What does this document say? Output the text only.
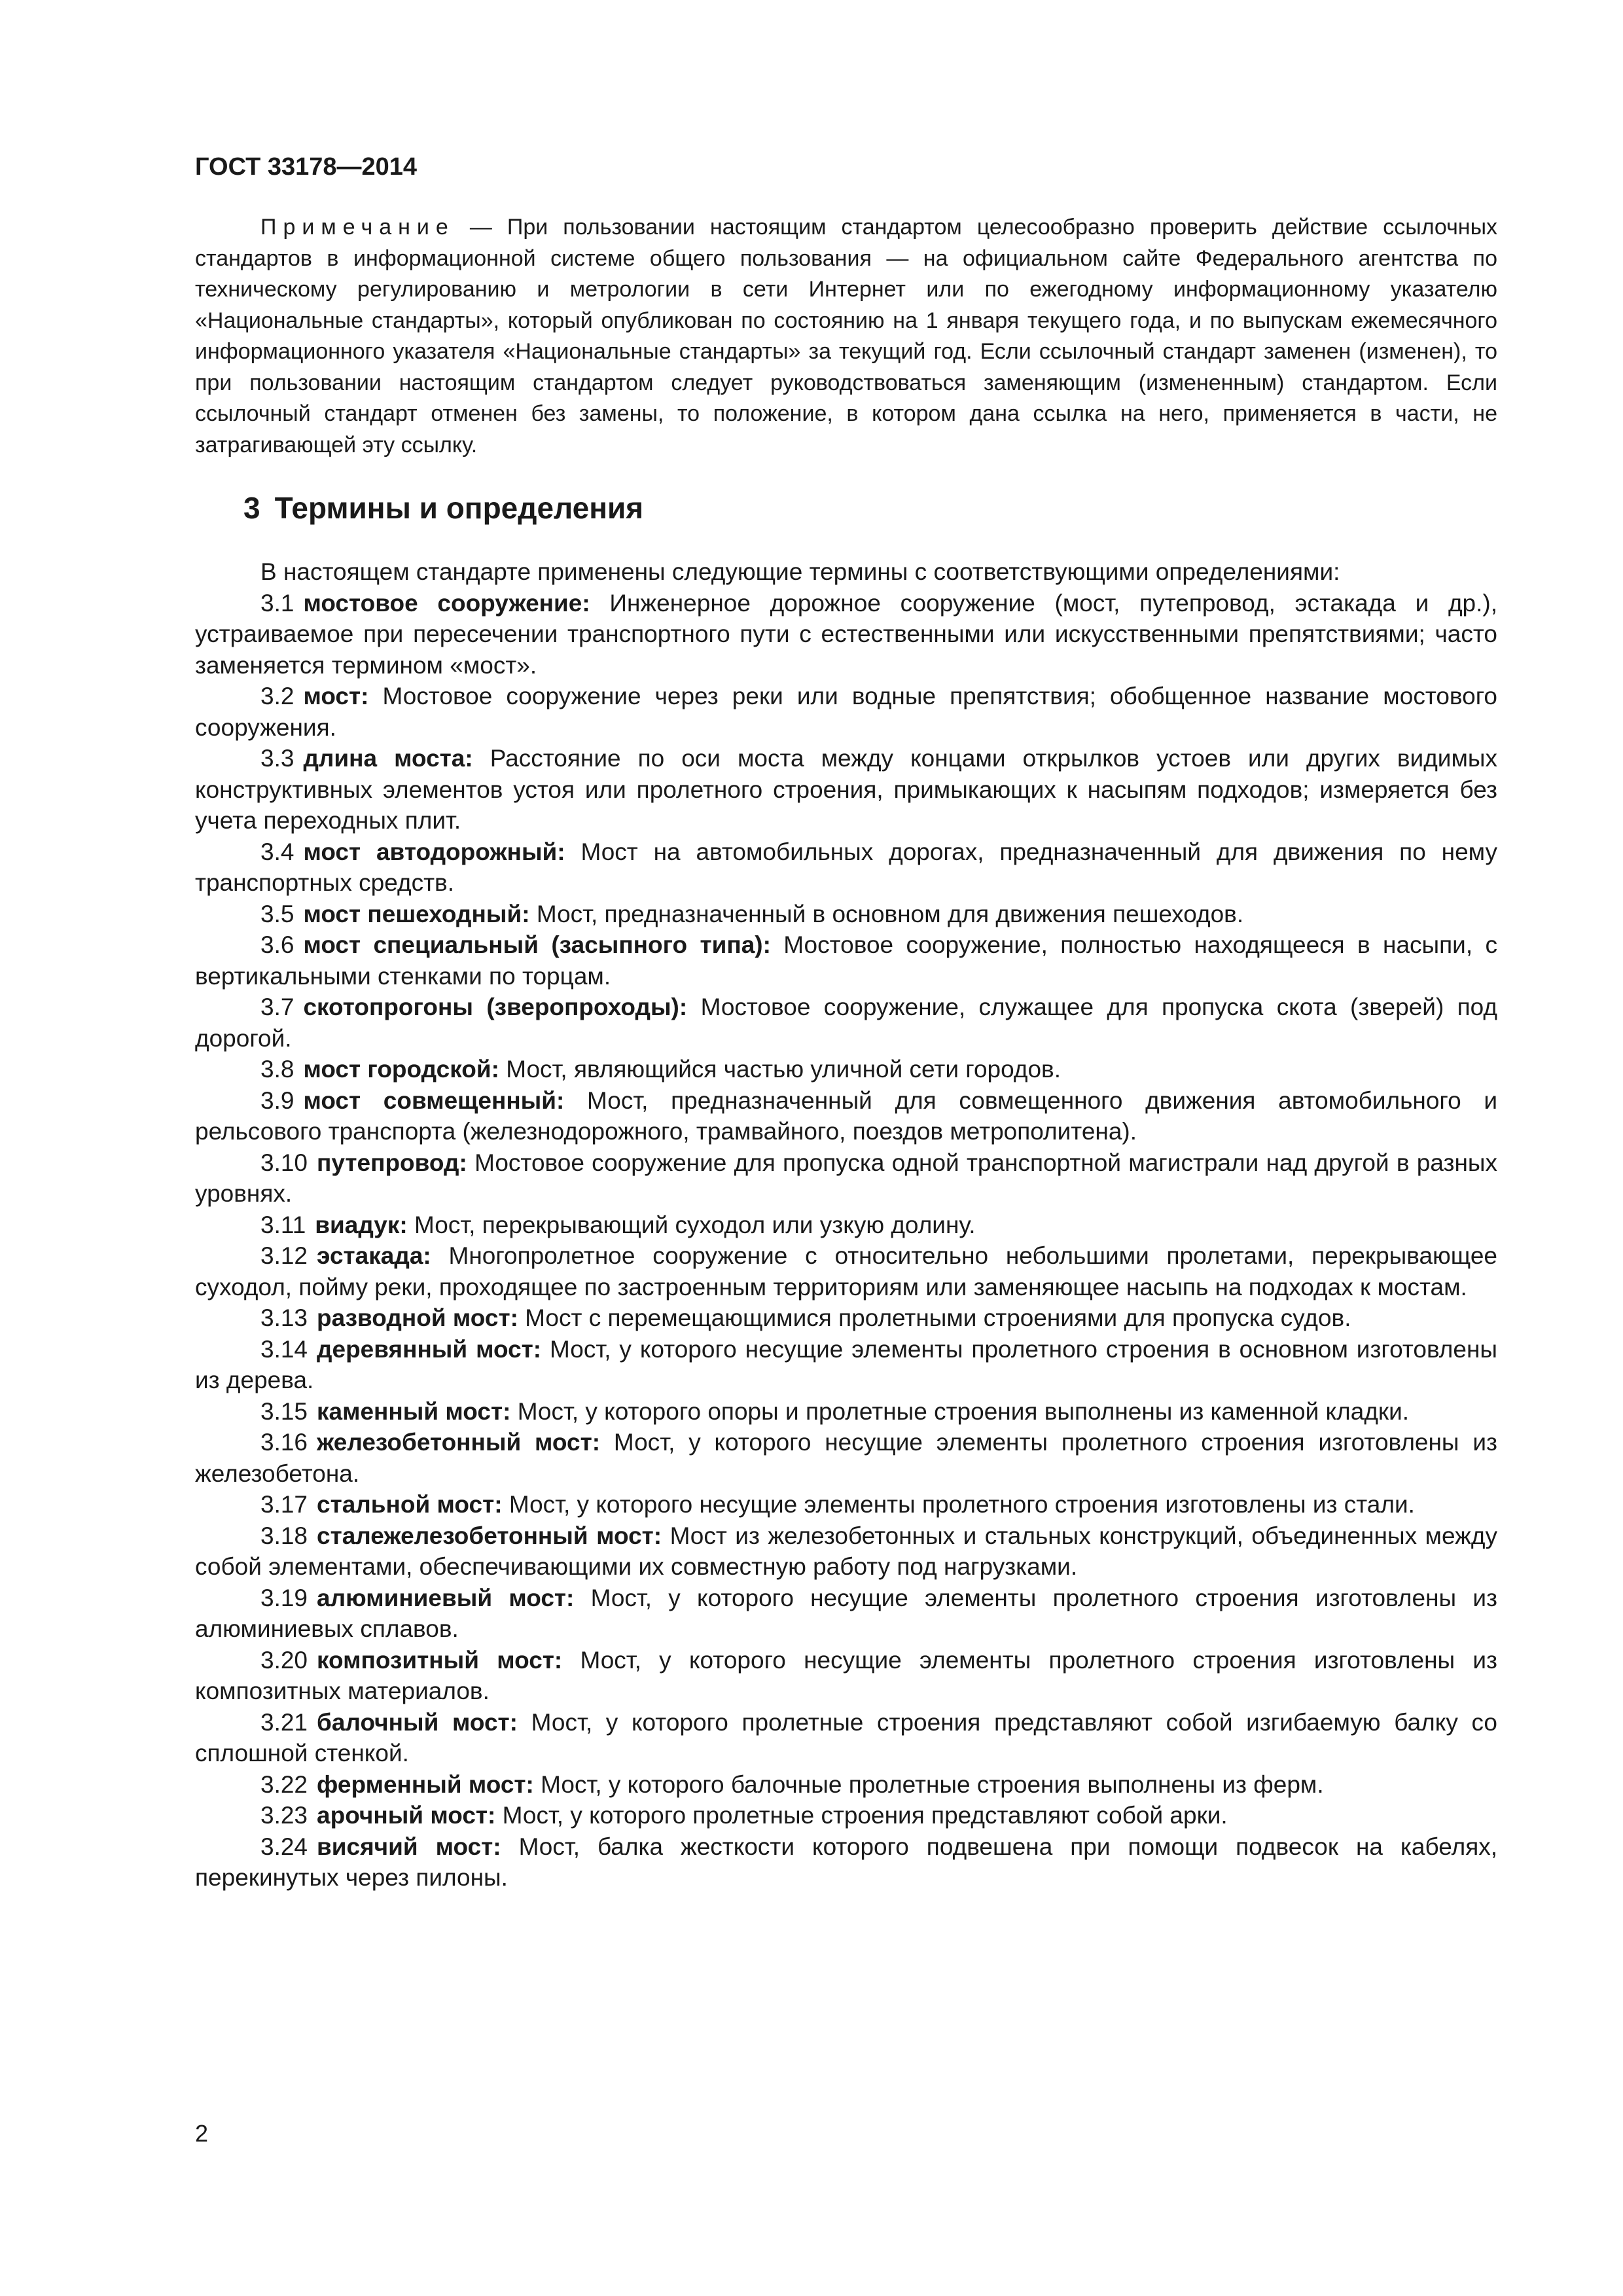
ГОСТ 33178—2014

Примечание — При пользовании настоящим стандартом целесообразно проверить действие ссылочных стандартов в информационной системе общего пользования — на официальном сайте Федерального агентства по техническому регулированию и метрологии в сети Интернет или по ежегодному информационному указателю «Национальные стандарты», который опубликован по состоянию на 1 января текущего года, и по выпускам ежемесячного информационного указателя «Национальные стандарты» за текущий год. Если ссылочный стандарт заменен (изменен), то при пользовании настоящим стандартом следует руководствоваться заменяющим (измененным) стандартом. Если ссылочный стандарт отменен без замены, то положение, в котором дана ссылка на него, применяется в части, не затрагивающей эту ссылку.

3 Термины и определения

В настоящем стандарте применены следующие термины с соответствующими определениями:

3.1 мостовое сооружение: Инженерное дорожное сооружение (мост, путепровод, эстакада и др.), устраиваемое при пересечении транспортного пути с естественными или искусственными препятствиями; часто заменяется термином «мост».

3.2 мост: Мостовое сооружение через реки или водные препятствия; обобщенное название мостового сооружения.

3.3 длина моста: Расстояние по оси моста между концами открылков устоев или других видимых конструктивных элементов устоя или пролетного строения, примыкающих к насыпям подходов; измеряется без учета переходных плит.

3.4 мост автодорожный: Мост на автомобильных дорогах, предназначенный для движения по нему транспортных средств.

3.5 мост пешеходный: Мост, предназначенный в основном для движения пешеходов.

3.6 мост специальный (засыпного типа): Мостовое сооружение, полностью находящееся в насыпи, с вертикальными стенками по торцам.

3.7 скотопрогоны (зверопроходы): Мостовое сооружение, служащее для пропуска скота (зверей) под дорогой.

3.8 мост городской: Мост, являющийся частью уличной сети городов.

3.9 мост совмещенный: Мост, предназначенный для совмещенного движения автомобильного и рельсового транспорта (железнодорожного, трамвайного, поездов метрополитена).

3.10 путепровод: Мостовое сооружение для пропуска одной транспортной магистрали над другой в разных уровнях.

3.11 виадук: Мост, перекрывающий суходол или узкую долину.

3.12 эстакада: Многопролетное сооружение с относительно небольшими пролетами, перекрывающее суходол, пойму реки, проходящее по застроенным территориям или заменяющее насыпь на подходах к мостам.

3.13 разводной мост: Мост с перемещающимися пролетными строениями для пропуска судов.

3.14 деревянный мост: Мост, у которого несущие элементы пролетного строения в основном изготовлены из дерева.

3.15 каменный мост: Мост, у которого опоры и пролетные строения выполнены из каменной кладки.

3.16 железобетонный мост: Мост, у которого несущие элементы пролетного строения изготовлены из железобетона.

3.17 стальной мост: Мост, у которого несущие элементы пролетного строения изготовлены из стали.

3.18 сталежелезобетонный мост: Мост из железобетонных и стальных конструкций, объединенных между собой элементами, обеспечивающими их совместную работу под нагрузками.

3.19 алюминиевый мост: Мост, у которого несущие элементы пролетного строения изготовлены из алюминиевых сплавов.

3.20 композитный мост: Мост, у которого несущие элементы пролетного строения изготовлены из композитных материалов.

3.21 балочный мост: Мост, у которого пролетные строения представляют собой изгибаемую балку со сплошной стенкой.

3.22 ферменный мост: Мост, у которого балочные пролетные строения выполнены из ферм.

3.23 арочный мост: Мост, у которого пролетные строения представляют собой арки.

3.24 висячий мост: Мост, балка жесткости которого подвешена при помощи подвесок на кабелях, перекинутых через пилоны.

2
